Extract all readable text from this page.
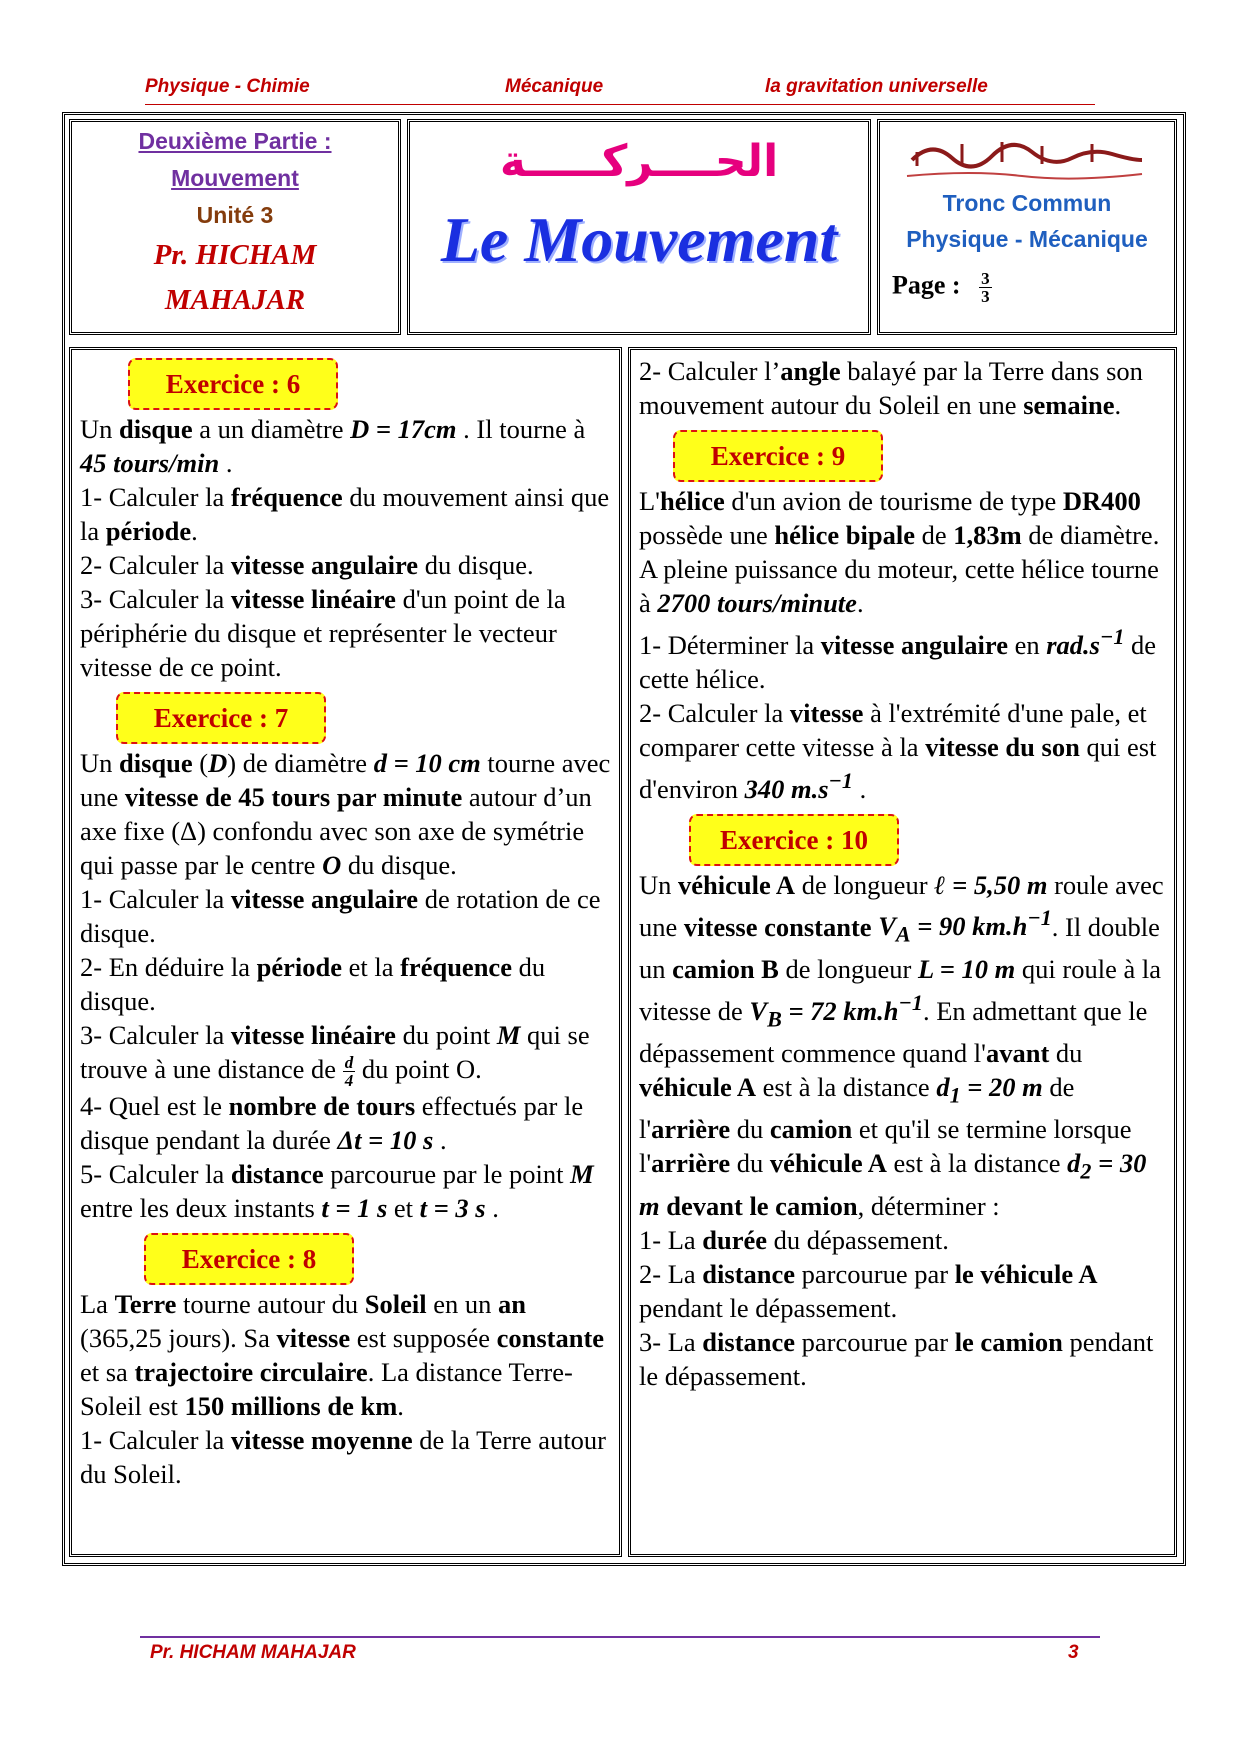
Physique - Chimie	Mécanique	la gravitation universelle
Deuxième Partie :
Mouvement
Unité 3
Pr. HICHAM
MAHAJAR
الحــــركـــــة
Le Mouvement
Tronc Commun
Physique - Mécanique
Page : $\frac{3}{3}$
Exercice : 6

Un disque a un diamètre D = 17cm . Il tourne à 45 tours/min .

1- Calculer la fréquence du mouvement ainsi que la période.

2- Calculer la vitesse angulaire du disque.

3- Calculer la vitesse linéaire d'un point de la périphérie du disque et représenter le vecteur vitesse de ce point.

Exercice : 7

Un disque (D) de diamètre d = 10 cm tourne avec une vitesse de 45 tours par minute autour d’un axe fixe (Δ) confondu avec son axe de symétrie qui passe par le centre O du disque.

1- Calculer la vitesse angulaire de rotation de ce disque.

2- En déduire la période et la fréquence du disque.

3- Calculer la vitesse linéaire du point M qui se trouve à une distance de $\frac{d}{4}$ du point O.

4- Quel est le nombre de tours effectués par le disque pendant la durée Δt = 10 s .

5- Calculer la distance parcourue par le point M entre les deux instants t = 1 s et t = 3 s .

Exercice : 8

La Terre tourne autour du Soleil en un an (365,25 jours). Sa vitesse est supposée constante et sa trajectoire circulaire. La distance Terre-Soleil est 150 millions de km.

1- Calculer la vitesse moyenne de la Terre autour du Soleil.

2- Calculer l’angle balayé par la Terre dans son mouvement autour du Soleil en une semaine.

Exercice : 9

L'hélice d'un avion de tourisme de type DR400 possède une hélice bipale de 1,83m de diamètre. A pleine puissance du moteur, cette hélice tourne à 2700 tours/minute.

1- Déterminer la vitesse angulaire en $rad.s^{-1}$ de cette hélice.

2- Calculer la vitesse à l'extrémité d'une pale, et comparer cette vitesse à la vitesse du son qui est d'environ 340 $m.s^{-1}$ .

Exercice : 10

Un véhicule A de longueur ℓ = 5,50 m roule avec une vitesse constante $V_A = 90$ $km.h^{-1}$. Il double un camion B de longueur L = 10 m qui roule à la vitesse de $V_B = 72$ $km.h^{-1}$. En admettant que le dépassement commence quand l'avant du véhicule A est à la distance $d_1 = 20$ m de l'arrière du camion et qu'il se termine lorsque l'arrière du véhicule A est à la distance $d_2 = 30$ m devant le camion, déterminer :

1- La durée du dépassement.

2- La distance parcourue par le véhicule A pendant le dépassement.

3- La distance parcourue par le camion pendant le dépassement.

Pr. HICHAM MAHAJAR	3
